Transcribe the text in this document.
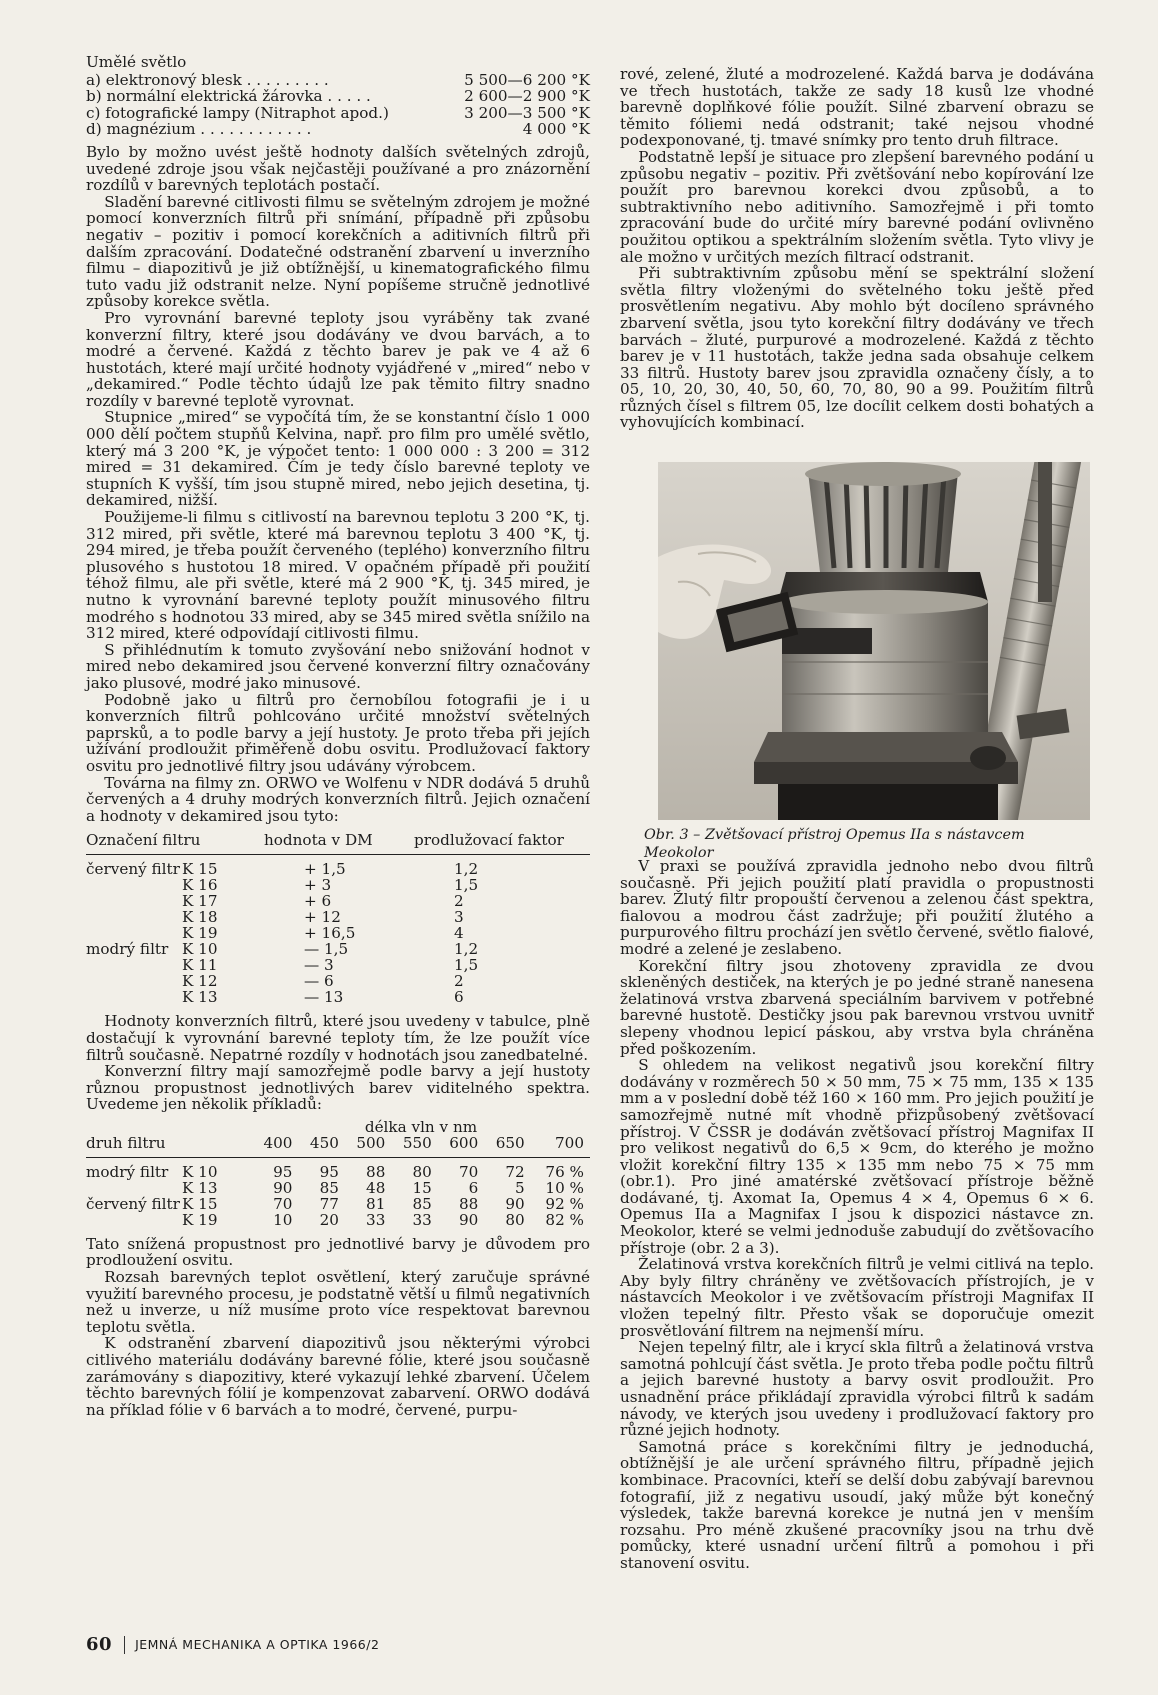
Umělé světlo
a) elektronový blesk . . . . . . . . .	5 500—6 200 °K
b) normální elektrická žárovka . . . . .	2 600—2 900 °K
c) fotografické lampy (Nitraphot apod.)	3 200—3 500 °K
d) magnézium . . . . . . . . . . . .	4 000 °K

Bylo by možno uvést ještě hodnoty dalších světelných zdrojů, uvedené zdroje jsou však nejčastěji používané a pro znázornění rozdílů v barevných teplotách postačí.

Sladění barevné citlivosti filmu se světelným zdrojem je možné pomocí konverzních filtrů při snímání, případně při způsobu negativ – pozitiv i pomocí korekčních a aditivních filtrů při dalším zpracování. Dodatečné odstranění zbarvení u inverzního filmu – diapozitivů je již obtížnější, u kinematografického filmu tuto vadu již odstranit nelze. Nyní popíšeme stručně jednotlivé způsoby korekce světla.

Pro vyrovnání barevné teploty jsou vyráběny tak zvané konverzní filtry, které jsou dodávány ve dvou barvách, a to modré a červené. Každá z těchto barev je pak ve 4 až 6 hustotách, které mají určité hodnoty vyjádřené v „mired“ nebo v „dekamired.“ Podle těchto údajů lze pak těmito filtry snadno rozdíly v barevné teplotě vyrovnat.

Stupnice „mired“ se vypočítá tím, že se konstantní číslo 1 000 000 dělí počtem stupňů Kelvina, např. pro film pro umělé světlo, který má 3 200 °K, je výpočet tento: 1 000 000 : 3 200 = 312 mired = 31 dekamired. Čím je tedy číslo barevné teploty ve stupních K vyšší, tím jsou stupně mired, nebo jejich desetina, tj. dekamired, nižší.

Použijeme-li filmu s citlivostí na barevnou teplotu 3 200 °K, tj. 312 mired, při světle, které má barevnou teplotu 3 400 °K, tj. 294 mired, je třeba použít červeného (teplého) konverzního filtru plusového s hustotou 18 mired. V opačném případě při použití téhož filmu, ale při světle, které má 2 900 °K, tj. 345 mired, je nutno k vyrovnání barevné teploty použít minusového filtru modrého s hodnotou 33 mired, aby se 345 mired světla snížilo na 312 mired, které odpovídají citlivosti filmu.

S přihlédnutím k tomuto zvyšování nebo snižování hodnot v mired nebo dekamired jsou červené konverzní filtry označovány jako plusové, modré jako minusové.

Podobně jako u filtrů pro černobílou fotografii je i u konverzních filtrů pohlcováno určité množství světelných paprsků, a to podle barvy a její hustoty. Je proto třeba při jejích užívání prodloužit přiměřeně dobu osvitu. Prodlužovací faktory osvitu pro jednotlivé filtry jsou udávány výrobcem.

Továrna na filmy zn. ORWO ve Wolfenu v NDR dodává 5 druhů červených a 4 druhy modrých konverzních filtrů. Jejich označení a hodnoty v dekamired jsou tyto:

Označení filtru		hodnota v DM	prodlužovací faktor
červený filtr	K 15	+ 1,5	1,2
	K 16	+ 3	1,5
	K 17	+ 6	2
	K 18	+ 12	3
	K 19	+ 16,5	4
modrý filtr	K 10	— 1,5	1,2
	K 11	— 3	1,5
	K 12	— 6	2
	K 13	— 13	6

Hodnoty konverzních filtrů, které jsou uvedeny v tabulce, plně dostačují k vyrovnání barevné teploty tím, že lze použít více filtrů současně. Nepatrné rozdíly v hodnotách jsou zanedbatelné.

Konverzní filtry mají samozřejmě podle barvy a její hustoty různou propustnost jednotlivých barev viditelného spektra. Uvedeme jen několik příkladů:

		délka vln v nm						
druh filtru		400	450	500	550	600	650	700
modrý filtr	K 10	95	95	88	80	70	72	76 %
	K 13	90	85	48	15	6	5	10 %
červený filtr	K 15	70	77	81	85	88	90	92 %
	K 19	10	20	33	33	90	80	82 %

Tato snížená propustnost pro jednotlivé barvy je důvodem pro prodloužení osvitu.

Rozsah barevných teplot osvětlení, který zaručuje správné využití barevného procesu, je podstatně větší u filmů negativních než u inverze, u níž musíme proto více respektovat barevnou teplotu světla.

K odstranění zbarvení diapozitivů jsou některými výrobci citlivého materiálu dodávány barevné fólie, které jsou současně zarámovány s diapozitivy, které vykazují lehké zbarvení. Účelem těchto barevných fólií je kompenzovat zabarvení. ORWO dodává na příklad fólie v 6 barvách a to modré, červené, purpu-

rové, zelené, žluté a modrozelené. Každá barva je dodávána ve třech hustotách, takže ze sady 18 kusů lze vhodné barevně doplňkové fólie použít. Silné zbarvení obrazu se těmito fóliemi nedá odstranit; také nejsou vhodné podexponované, tj. tmavé snímky pro tento druh filtrace.

Podstatně lepší je situace pro zlepšení barevného podání u způsobu negativ – pozitiv. Při zvětšování nebo kopírování lze použít pro barevnou korekci dvou způsobů, a to subtraktivního nebo aditivního. Samozřejmě i při tomto zpracování bude do určité míry barevné podání ovlivněno použitou optikou a spektrálním složením světla. Tyto vlivy je ale možno v určitých mezích filtrací odstranit.

Při subtraktivním způsobu mění se spektrální složení světla filtry vloženými do světelného toku ještě před prosvětlením negativu. Aby mohlo být docíleno správného zbarvení světla, jsou tyto korekční filtry dodávány ve třech barvách – žluté, purpurové a modrozelené. Každá z těchto barev je v 11 hustotách, takže jedna sada obsahuje celkem 33 filtrů. Hustoty barev jsou zpravidla označeny čísly, a to 05, 10, 20, 30, 40, 50, 60, 70, 80, 90 a 99. Použitím filtrů různých čísel s filtrem 05, lze docílit celkem dosti bohatých a vyhovujících kombinací.

Obr. 3 – Zvětšovací přístroj Opemus IIa s nástavcem Meokolor

V praxi se používá zpravidla jednoho nebo dvou filtrů současně. Při jejich použití platí pravidla o propustnosti barev. Žlutý filtr propouští červenou a zelenou část spektra, fialovou a modrou část zadržuje; při použití žlutého a purpurového filtru prochází jen světlo červené, světlo fialové, modré a zelené je zeslabeno.

Korekční filtry jsou zhotoveny zpravidla ze dvou skleněných destiček, na kterých je po jedné straně nanesena želatinová vrstva zbarvená speciálním barvivem v potřebné barevné hustotě. Destičky jsou pak barevnou vrstvou uvnitř slepeny vhodnou lepicí páskou, aby vrstva byla chráněna před poškozením.

S ohledem na velikost negativů jsou korekční filtry dodávány v rozměrech 50 × 50 mm, 75 × 75 mm, 135 × 135 mm a v poslední době též 160 × 160 mm. Pro jejich použití je samozřejmě nutné mít vhodně přizpůsobený zvětšovací přístroj. V ČSSR je dodáván zvětšovací přístroj Magnifax II pro velikost negativů do 6,5 × 9cm, do kterého je možno vložit korekční filtry 135 × 135 mm nebo 75 × 75 mm (obr.1). Pro jiné amatérské zvětšovací přístroje běžně dodávané, tj. Axomat Ia, Opemus 4 × 4, Opemus 6 × 6. Opemus IIa a Magnifax I jsou k dispozici nástavce zn. Meokolor, které se velmi jednoduše zabudují do zvětšovacího přístroje (obr. 2 a 3).

Želatinová vrstva korekčních filtrů je velmi citlivá na teplo. Aby byly filtry chráněny ve zvětšovacích přístrojích, je v nástavcích Meokolor i ve zvětšovacím přístroji Magnifax II vložen tepelný filtr. Přesto však se doporučuje omezit prosvětlování filtrem na nejmenší míru.

Nejen tepelný filtr, ale i krycí skla filtrů a želatinová vrstva samotná pohlcují část světla. Je proto třeba podle počtu filtrů a jejich barevné hustoty a barvy osvit prodloužit. Pro usnadnění práce přikládají zpravidla výrobci filtrů k sadám návody, ve kterých jsou uvedeny i prodlužovací faktory pro různé jejich hodnoty.

Samotná práce s korekčními filtry je jednoduchá, obtížnější je ale určení správného filtru, případně jejich kombinace. Pracovníci, kteří se delší dobu zabývají barevnou fotografií, již z negativu usoudí, jaký může být konečný výsledek, takže barevná korekce je nutná jen v menším rozsahu. Pro méně zkušené pracovníky jsou na trhu dvě pomůcky, které usnadní určení filtrů a pomohou i při stanovení osvitu.

60 JEMNÁ MECHANIKA A OPTIKA 1966/2
